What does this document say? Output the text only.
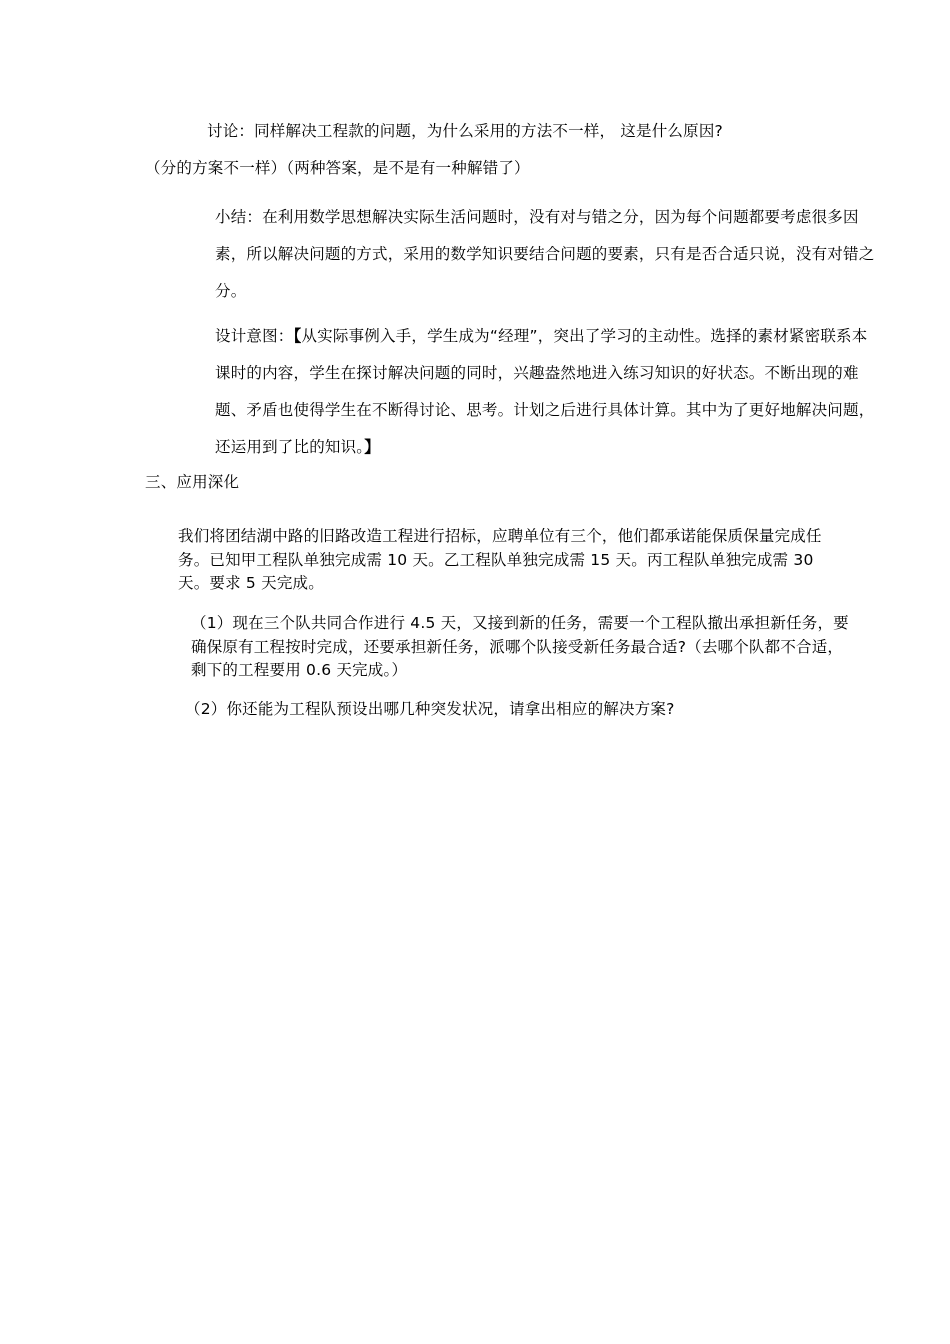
讨论：同样解决工程款的问题，为什么采用的方法不一样， 这是什么原因?
（分的方案不一样）（两种答案，是不是有一种解错了）

小结：在利用数学思想解决实际生活问题时，没有对与错之分，因为每个问题都要考虑很多因素，所以解决问题的方式，采用的数学知识要结合问题的要素，只有是否合适只说，没有对错之分。

设计意图：【从实际事例入手，学生成为“经理”，突出了学习的主动性。选择的素材紧密联系本课时的内容，学生在探讨解决问题的同时，兴趣盎然地进入练习知识的好状态。不断出现的难题、矛盾也使得学生在不断得讨论、思考。计划之后进行具体计算。其中为了更好地解决问题，还运用到了比的知识。】

三、应用深化

我们将团结湖中路的旧路改造工程进行招标，应聘单位有三个，他们都承诺能保质保量完成任务。已知甲工程队单独完成需 10 天。乙工程队单独完成需 15 天。丙工程队单独完成需 30 天。要求 5 天完成。

（1）现在三个队共同合作进行 4.5 天，又接到新的任务，需要一个工程队撤出承担新任务，要确保原有工程按时完成，还要承担新任务，派哪个队接受新任务最合适?（去哪个队都不合适，剩下的工程要用 0.6 天完成。）

（2）你还能为工程队预设出哪几种突发状况，请拿出相应的解决方案?
